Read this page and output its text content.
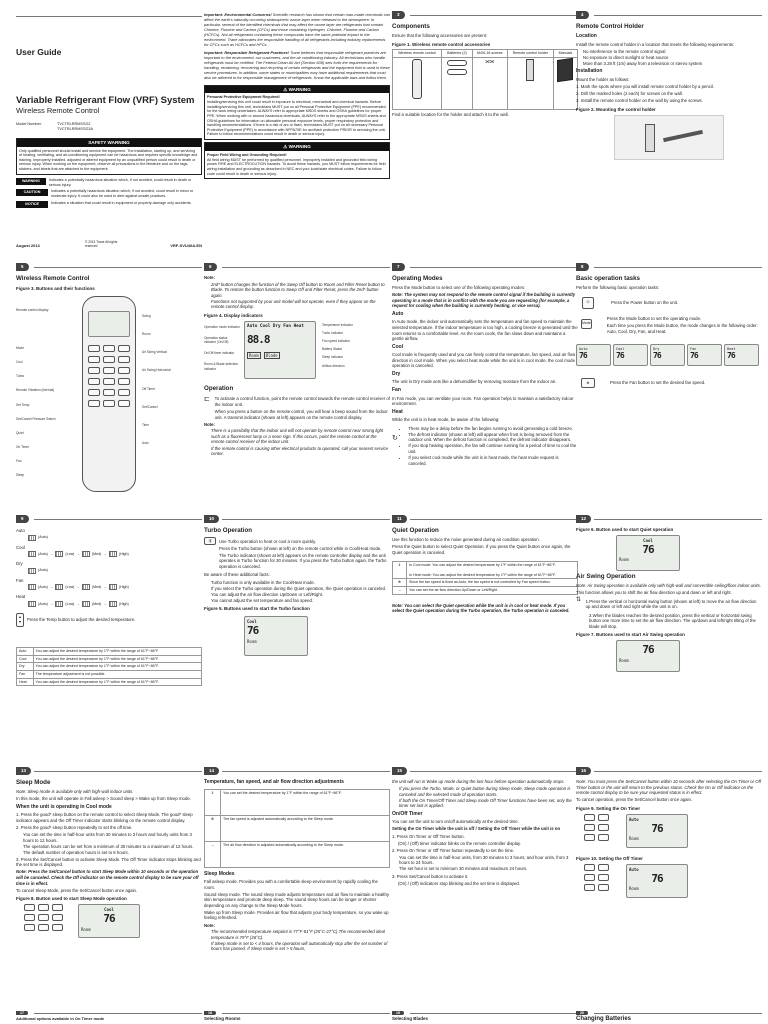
User Guide
Variable Refrigerant Flow (VRF) System
Wireless Remote Control
Model Number:	TVCTRLRRMSSG2
TVCTRLRRMSSG3A
SAFETY WARNING
Only qualified personnel should install and service the equipment. The installation, starting up, and servicing of heating, ventilating, and air-conditioning equipment can be hazardous and requires specific knowledge and training. Improperly installed, adjusted or altered equipment by an unqualified person could result in death or serious injury. When working on the equipment, observe all precautions in the literature and on the tags, stickers, and labels that are attached to the equipment.
WARNING	Indicates a potentially hazardous situation which, if not avoided, could result in death or serious injury.
CAUTION	Indicates a potentially hazardous situation which, if not avoided, could result in minor or moderate injury. It could also be used to alert against unsafe practices.
NOTICE	Indicates a situation that could result in equipment or property-damage only accidents.
August 2013
© 2013 Trane All rights reserved	VRF-SVU40A-EN

Important: Environmental Concerns! Scientific research has shown that certain man-made chemicals can affect the earth's naturally occurring stratospheric ozone layer when released to the atmosphere. In particular, several of the identified chemicals that may affect the ozone layer are refrigerants that contain Chlorine, Fluorine and Carbon (CFCs) and those containing Hydrogen, Chlorine, Fluorine and Carbon (HCFCs). Not all refrigerants containing these compounds have the same potential impact to the environment. Trane advocates the responsible handling of all refrigerants-including industry replacements for CFCs such as HCFCs and HFCs.

Important: Responsible Refrigerant Practices! Trane believes that responsible refrigerant practices are important to the environment, our customers, and the air conditioning industry. All technicians who handle refrigerants must be certified. The Federal Clean Air Act (Section 608) sets forth the requirements for handling, reclaiming, recovering and recycling of certain refrigerants and the equipment that is used in these service procedures. In addition, some states or municipalities may have additional requirements that must also be adhered to for responsible management of refrigerants. Know the applicable laws and follow them.

⚠ WARNING
Personal Protective Equipment Required!
Installing/servicing this unit could result in exposure to electrical, mechanical and chemical hazards. Before installing/servicing this unit, technicians MUST put on all Personal Protective Equipment (PPE) recommended for the work being undertaken. ALWAYS refer to appropriate MSDS sheets and OSHA guidelines for proper PPE. When working with or around hazardous chemicals, ALWAYS refer to the appropriate MSDS sheets and OSHA guidelines for information on allowable personal exposure levels, proper respiratory protection and handling recommendations. If there is a risk of arc or flash, technicians MUST put on all necessary Personal Protective Equipment (PPE) in accordance with NFPA70E for arc/flash protection PRIOR to servicing the unit. Failure to follow recommendations could result in death or serious injury.
⚠ WARNING
Proper Field Wiring and Grounding Required!
All field wiring MUST be performed by qualified personnel. Improperly installed and grounded field wiring poses FIRE and ELECTROCUTION hazards. To avoid these hazards, you MUST follow requirements for field wiring installation and grounding as described in NEC and your local/state electrical codes. Failure to follow code could result in death or serious injury.
3
Components

Ensure that the following accessories are present:

Figure 1. Wireless remote control accessories
Wireless remote control	Batteries (2)	M4XL16 screws	Remote control holder	Manuals

	⫘⫘		

Find a suitable location for the holder and attach it to the wall.

4
Remote Control Holder
Location

Install the remote control holder in a location that meets the following requirements:

• No interference to the remote control signal
• No exposure to direct sunlight or heat source
• More than 3.28 ft (1m) away from a television or stereo system
Installation

Mount the holder as follows:

1. Mark the spots where you will install remote control holder by a pencil.

2. Drill the marked holes (2 each) for screws on the wall.

3. Install the remote control holder on the wall by using the screws.

Figure 2. Mounting the control holder
5
Wireless Remote Control
Figure 3. Buttons and their functions
Remote control display
Mode
Cool
Turbo
Remote Vibration (Internal)
Set Temp
Set/Cancel Pressure Switch
Quiet
On Timer
Fan
Sleep
Swing
Room
Air Swing Vertical
Air Swing Horizontal
Off Timer
Set/Cancel
Time
Auto
6
Note:
• 2nd* button changes the function of the Swep Off button to Room and Filter Reset button to Blade. To restore the button function to Swep Off and Filter Reset, press the 2nd* button again.
• Functions not supported by your unit model will not operate, even if they appear on the remote control display.
Figure 4. Display indicators
Operation mode indicator
Operation status indicator (On/Off)
On/Off timer indicator
Room & Blade selection indicator
Auto Cool Dry Fan Heat
88.8
Room	Blade
Temperature indicator
Turbo indicator
Fan speed indicator
Battery Status
Sleep indicator
Airflow direction
Operation
⊏	To activate a control function, point the remote control towards the remote control receiver of the indoor unit.

When you press a button on the remote control, you will hear a beep sound from the indoor unit. A transmit indicator (shown at left) appears on the remote control display.

Note:
• There is a possibility that the indoor unit will not operate by remote control near strong light such as a fluorescent lamp or a neon sign. If this occurs, point the remote control at the remote control receiver of the indoor unit.
• If the remote control is causing other electrical products to operated, call your nearest service center.
7
Operating Modes

Press the Mode button to select one of the following operating modes:

Note: The system may not respond to the remote control signal if the building is currently operating in a mode that is in conflict with the mode you are requesting (for example, a request for cooling when the building is currently heating, or vice versa).

Auto

In Auto mode, the indoor unit automatically sets the temperature and fan speed to maintain the selected temperature. If the indoor temperature is too high, a cooling breeze is generated until the room returns to a comfortable level. As the room cools, the fan slows down and maintains a gentle airflow.

Cool

Cool mode is frequently used and you can freely control the temperature, fan speed, and air flow direction in cool mode. When you select heat mode while the unit is in cool mode, the cool mode operation is canceled.

Dry

The unit in Dry mode acts like a dehumidifier by removing moisture from the indoor air.

Fan

In Fan mode, you can ventilate your room. Fan operation helps to maintain a satisfactory indoor environment.

Heat

While the unit is in heat mode, be aware of the following:

↻
• There may be a delay before the fan begins running to avoid generating a cold breeze.
• The defrost indicator (shown at left) will appear when frost is being removed from the outdoor unit. When the defrost function is completed, the defrost indicator disappears.
• If you stop heating operation, the fan will continue running for a period of time to cool the unit.
• If you select cool mode while the unit is in heat mode, the heat mode request is canceled.
8
Basic operation tasks

Perform the following basic operation tasks:

⏻	Press the Power button on the unit.
Mode

Press the Mode button to set the operating mode.

Each time you press the Mode button, the mode changes in the following order: Auto, Cool, Dry, Fan, and Heat.

Auto
76
Cool
76
Dry
76
Fan
76
Heat
76
✻	Press the Fan button to set the desired fan speed.
9
Auto
(Auto)
Cool
(Auto) →	(Low) →	(Med) →	(High)
Dry
(Auto)
Fan
(Auto) →	(Low) →	(Med) →	(High)
Heat
(Auto) →	(Low) →	(Med) →	(High)
▲
▼	Press the Temp button to adjust the desired temperature.
Auto	You can adjust the desired temperature by 1°F within the range of 61°F~86°F.
Cool	You can adjust the desired temperature by 1°F within the range of 61°F~86°F.
Dry	You can adjust the desired temperature by 1°F within the range of 61°F~86°F.
Fan	The temperature adjustment is not possible.
Heat	You can adjust the desired temperature by 1°F within the range of 61°F~86°F.
10
Turbo Operation
⇶	Use Turbo operation to heat or cool a room quickly.

Press the Turbo button (shown at left) on the remote control while in Cool/Heat mode.

The Turbo indicator (shown at left) appears on the remote controller display and the unit operates in Turbo function for 30 minutes. If you press the Turbo button again, the Turbo operation is canceled.

Be aware of these additional facts:

• Turbo function is only available in the Cool/Heat mode.
• If you select the Turbo operation during the Quiet operation, the Quiet operation is canceled.
• You can adjust the air flow direction Up/Down or Left/Right.
• You cannot adjust the set temperature and fan speed.
Figure 5. Buttons used to start the Turbo function
Cool
76
Room
11
Quiet Operation

Use this function to reduce the noise generated during air condition operation.

Press the Quiet button to select Quiet Operation. If you press the Quiet button once again, the Quiet operation is canceled.

⇕	In Cool mode: You can adjust the desired temperature by 1°F within the range of 61°F~86°F.

In Heat mode: You can adjust the desired temperature by 1°F within the range of 61°F~86°F.
✻	Since the fan speed is fixed as Auto, the fan speed is not controlled by Fan speed button.
↔	You can set the air flow direction Up/Down or Left/Right.

Note: You can select the Quiet operation while the unit is in cool or heat mode. If you select the Quiet operation during the Turbo operation, the Turbo operation is canceled.

12
Figure 6. Button used to start Quiet operation
Cool
76
Room
Air Swing Operation

Note: Air Swing operation is available only with high-wall and convertible ceiling/floor indoor units.

This function allows you to shift the air flow direction up and down or left and right.

⇅	1.Press the vertical or horizontal swing button (shown at left) to move the air flow direction up and down or left and right while the unit is on.

2.When the blades reaches the desired position, press the vertical or horizontal swing button one more time to set the air flow direction. The up/down and left/right tilting of the blade will stop.

Figure 7. Buttons used to start Air Swing operation
76
Room
13
Sleep Mode

Note: Sleep mode is available only with high-wall indoor units.

In this mode, the unit will operate in Fall asleep > Sound sleep > Wake up from Sleep mode.

When the unit is operating in Cool mode

1. Press the good* sleep button on the remote control to select Sleep Mode. The good* sleep indicator appears and the Off Timer indicator starts blinking on the remote control display.

2. Press the good* sleep button repeatedly to set the off time.

• You can set the time in half-hour units from 30 minutes to 3 hours and hourly units from 3 hours to 12 hours.
• The operation hours can be set from a minimum of 30 minutes to a maximum of 12 hours.
• The default number of operation hours is set to 8 hours.

3. Press the Set/Cancel button to activate Sleep Mode. The Off Timer indicator stops blinking and the set time is displayed.

Note: Press the Set/Cancel button to start Sleep Mode within 10 seconds or the operation will be canceled. Check the Off indicator on the remote control display to be sure your off time is in effect.

To cancel Sleep Mode, press the Set/Cancel button once again.

Figure 8. Button used to start Sleep Mode operation
Cool
76
Room
14
Temperature, fan speed, and air flow direction adjustments
⇕	You can set the desired temperature by 1°F within the range of 61°F~86°F.
✻	The fan speed is adjusted automatically according to the Sleep mode.
↔	The air flow direction is adjusted automatically according to the Sleep mode.
Sleep Modes

Fall asleep mode. Provides you with a comfortable sleep environment by rapidly cooling the room.

Sound sleep mode. The sound sleep mode adjusts temperature and air flow to maintain a healthy skin temperature and promote deep sleep. The sound sleep hours can be longer or shorter depending on any change to the Sleep Mode hours.

Wake up from Sleep mode. Provides air flow that adjusts your body temperature, so you wake up feeling refreshed.

Note:
• The recommended temperature setpoint is 77°F-81°F (25°C-27°C) The recommended ideal temperature is 79°F (26°C).
• If Sleep mode is set to < 4 hours, the operation will automatically stop after the set number of hours has passed. If Sleep mode is set > 5 hours,
15

the unit will run in Wake up mode during the last hour before operation automatically stops.

• If you press the Turbo, Mode, or Quiet button during Sleep mode, Sleep mode operation is canceled and the selected mode of operation starts.
• If both the On Timer/Off Timer and Sleep mode Off Timer functions have been set, only the timer set last is applied.
On/Off Timer

You can set the unit to turn on/off automatically at the desired time.

Setting the On Timer while the unit is off / Setting the Off Timer while the unit is on

1. Press On Timer or Off Timer button.

(On) / (Off) timer indicator blinks on the remote controller display.

2. Press On Timer or Off Timer button repeatedly to set the time.

• You can set the time in half-hour units, from 30 minutes to 3 hours; and hour units, from 3 hours to 24 hours.
• The set hour is set to minimum 30 minutes and maximum 24 hours.

3. Press Set/Cancel button to activate it.

(On) / (Off) indicators stop blinking and the set time is displayed.

16

Note: You must press the Set/Cancel button within 10 seconds after selecting the On Timer or Off Timer button or the unit will return to the previous status. Check the On or Off indicator on the remote control display to be sure your requested status is in effect.

To cancel operation, press the Set/Cancel button once again.

Figure 9. Setting the On Timer
Auto
76
Room
Figure 10. Setting the Off Timer
Auto
76
Room
17
Additional options available in On Timer mode
18
Selecting Rooms
19
Selecting Blades
20
Changing Batteries
